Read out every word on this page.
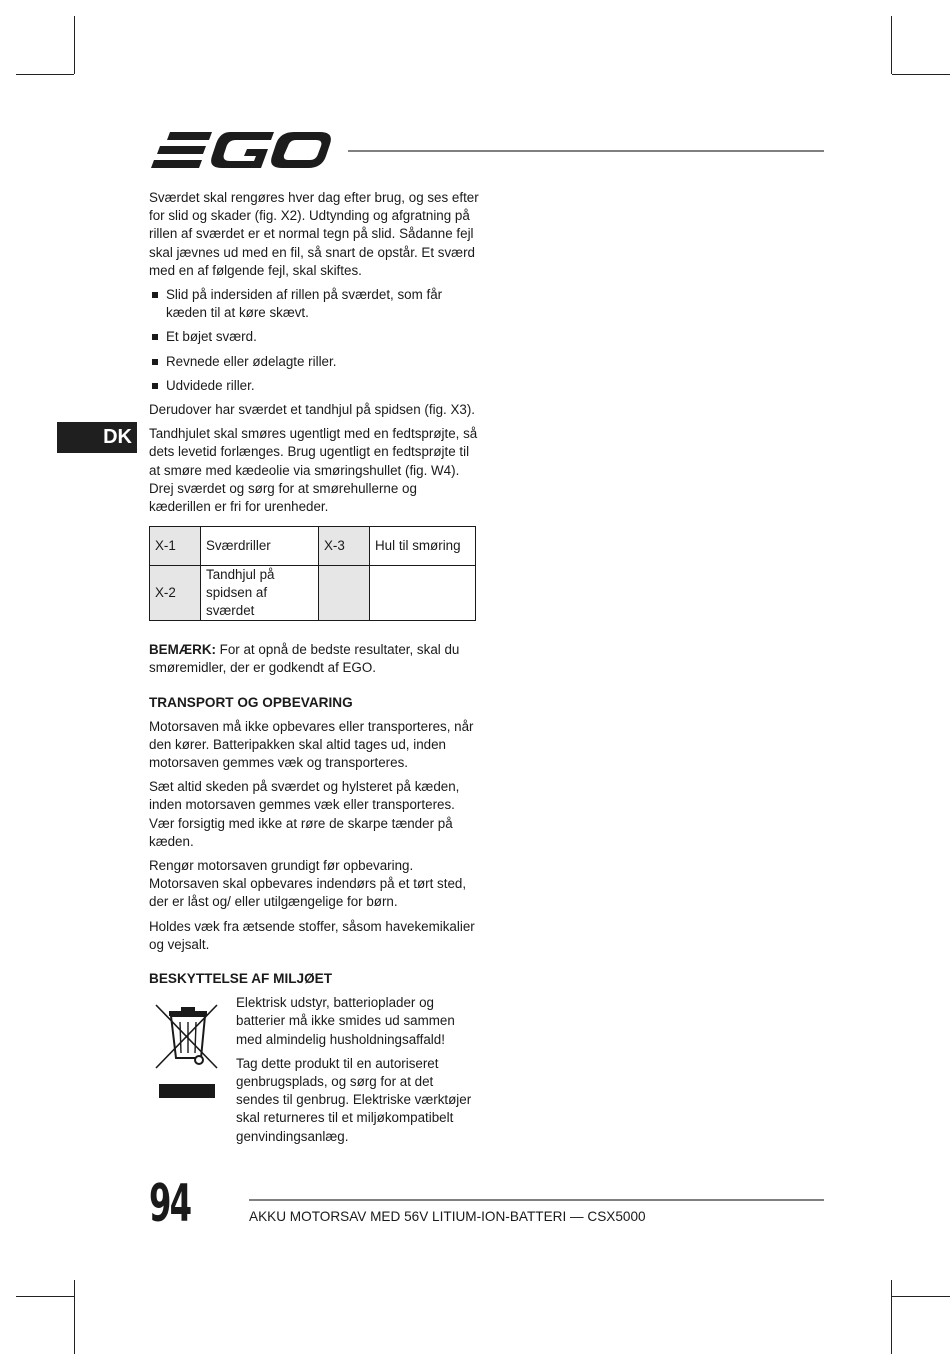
DK

Sværdet skal rengøres hver dag efter brug, og ses efter for slid og skader (fig. X2). Udtynding og afgratning på rillen af sværdet er et normal tegn på slid. Sådanne fejl skal jævnes ud med en fil, så snart de opstår. Et sværd med en af følgende fejl, skal skiftes.

Slid på indersiden af rillen på sværdet, som får kæden til at køre skævt.
Et bøjet sværd.
Revnede eller ødelagte riller.
Udvidede riller.

Derudover har sværdet et tandhjul på spidsen (fig. X3).

Tandhjulet skal smøres ugentligt med en fedtsprøjte, så dets levetid forlænges. Brug ugentligt en fedtsprøjte til at smøre med kædeolie via smøringshullet (fig. W4). Drej sværdet og sørg for at smørehullerne og kæderillen er fri for urenheder.

X-1	Sværdriller	X-3	Hul til smøring
X-2	Tandhjul på spidsen af sværdet		

BEMÆRK: For at opnå de bedste resultater, skal du smøremidler, der er godkendt af EGO.

TRANSPORT OG OPBEVARING

Motorsaven må ikke opbevares eller transporteres, når den kører. Batteripakken skal altid tages ud, inden motorsaven gemmes væk og transporteres.

Sæt altid skeden på sværdet og hylsteret på kæden, inden motorsaven gemmes væk eller transporteres. Vær forsigtig med ikke at røre de skarpe tænder på kæden.

Rengør motorsaven grundigt før opbevaring. Motorsaven skal opbevares indendørs på et tørt sted, der er låst og/ eller utilgængelige for børn.

Holdes væk fra ætsende stoffer, såsom havekemikalier og vejsalt.

BESKYTTELSE AF MILJØET

Elektrisk udstyr, batterioplader og batterier må ikke smides ud sammen med almindelig husholdningsaffald!

Tag dette produkt til en autoriseret genbrugsplads, og sørg for at det sendes til genbrug. Elektriske værktøjer skal returneres til et miljøkompatibelt genvindingsanlæg.

94	AKKU MOTORSAV MED 56V LITIUM-ION-BATTERI — CSX5000
